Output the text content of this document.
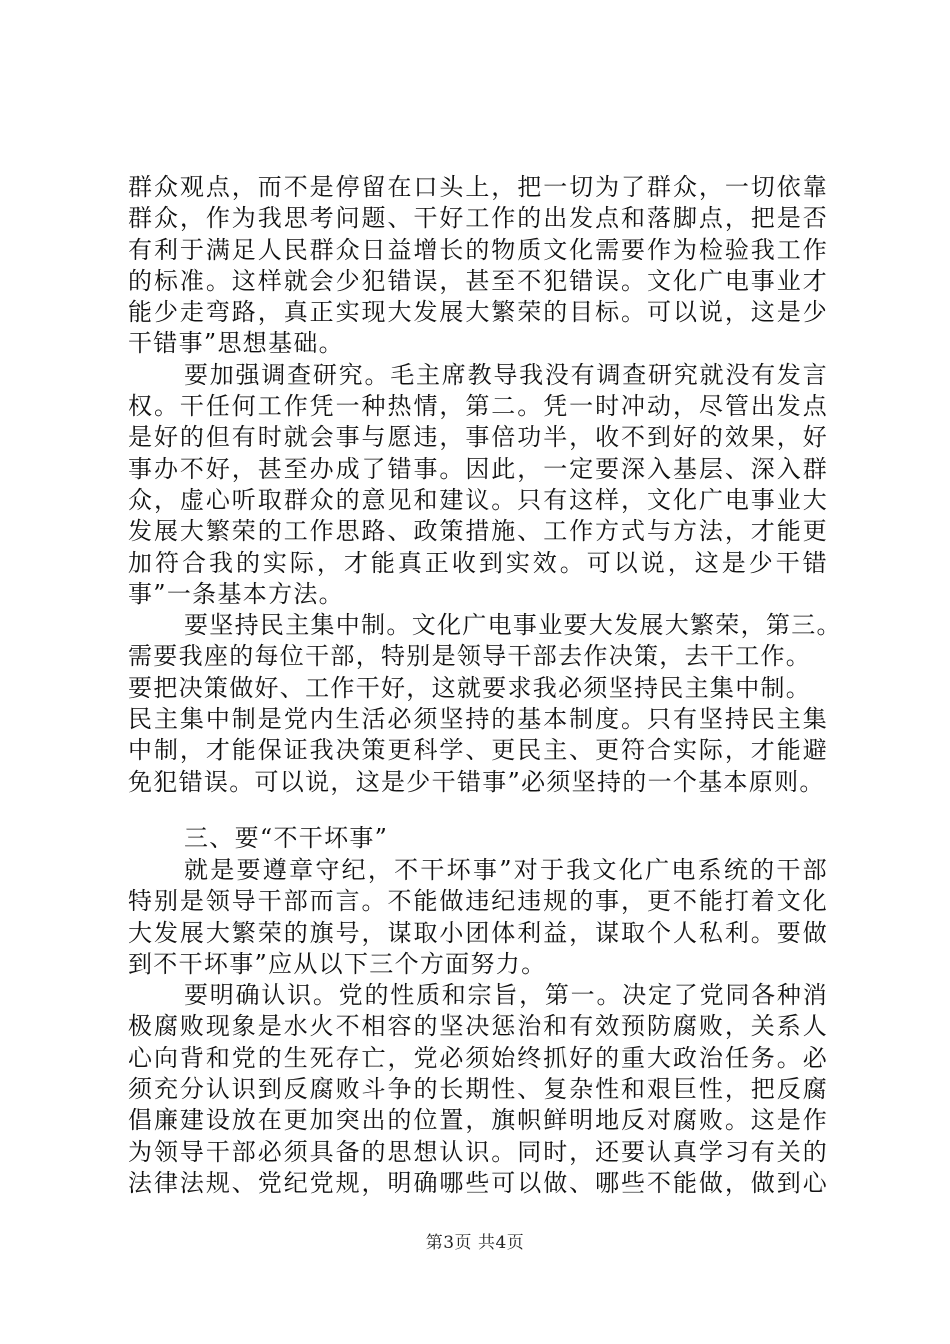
群众观点，而不是停留在口头上，把一切为了群众，一切依靠
群众，作为我思考问题、干好工作的出发点和落脚点，把是否
有利于满足人民群众日益增长的物质文化需要作为检验我工作
的标准。这样就会少犯错误，甚至不犯错误。文化广电事业才
能少走弯路，真正实现大发展大繁荣的目标。可以说，这是少
干错事”思想基础。
要加强调查研究。毛主席教导我没有调查研究就没有发言
权。干任何工作凭一种热情，第二。凭一时冲动，尽管出发点
是好的但有时就会事与愿违，事倍功半，收不到好的效果，好
事办不好，甚至办成了错事。因此，一定要深入基层、深入群
众，虚心听取群众的意见和建议。只有这样，文化广电事业大
发展大繁荣的工作思路、政策措施、工作方式与方法，才能更
加符合我的实际，才能真正收到实效。可以说，这是少干错
事”一条基本方法。
要坚持民主集中制。文化广电事业要大发展大繁荣，第三。
需要我座的每位干部，特别是领导干部去作决策，去干工作。
要把决策做好、工作干好，这就要求我必须坚持民主集中制。
民主集中制是党内生活必须坚持的基本制度。只有坚持民主集
中制，才能保证我决策更科学、更民主、更符合实际，才能避
免犯错误。可以说，这是少干错事”必须坚持的一个基本原则。
三、要“不干坏事”
就是要遵章守纪，不干坏事”对于我文化广电系统的干部
特别是领导干部而言。不能做违纪违规的事，更不能打着文化
大发展大繁荣的旗号，谋取小团体利益，谋取个人私利。要做
到不干坏事”应从以下三个方面努力。
要明确认识。党的性质和宗旨，第一。决定了党同各种消
极腐败现象是水火不相容的坚决惩治和有效预防腐败，关系人
心向背和党的生死存亡，党必须始终抓好的重大政治任务。必
须充分认识到反腐败斗争的长期性、复杂性和艰巨性，把反腐
倡廉建设放在更加突出的位置，旗帜鲜明地反对腐败。这是作
为领导干部必须具备的思想认识。同时，还要认真学习有关的
法律法规、党纪党规，明确哪些可以做、哪些不能做，做到心
第3页 共4页
